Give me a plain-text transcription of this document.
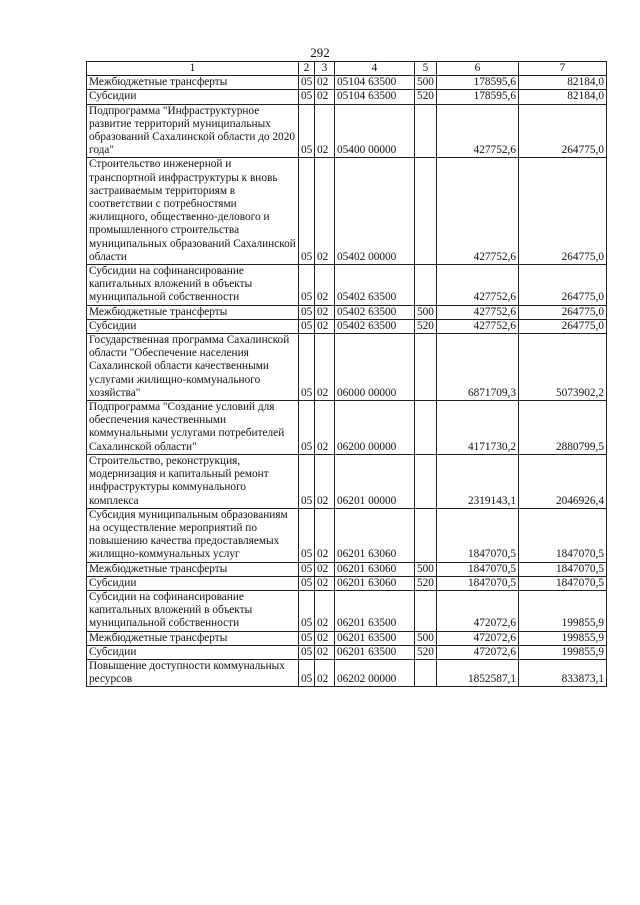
292
1	2	3	4	5	6	7
Межбюджетные трансферты	05	02	05104 63500	500	178595,6	82184,0
Субсидии	05	02	05104 63500	520	178595,6	82184,0
Подпрограмма "Инфраструктурное развитие территорий муниципальных образований Сахалинской области до 2020 года"	05	02	05400 00000		427752,6	264775,0
Строительство инженерной и транспортной инфраструктуры к вновь застраиваемым территориям в соответствии с потребностями жилищного, общественно-делового и промышленного строительства муниципальных образований Сахалинской области	05	02	05402 00000		427752,6	264775,0
Субсидии на софинансирование капитальных вложений в объекты муниципальной собственности	05	02	05402 63500		427752,6	264775,0
Межбюджетные трансферты	05	02	05402 63500	500	427752,6	264775,0
Субсидии	05	02	05402 63500	520	427752,6	264775,0
Государственная программа Сахалинской области "Обеспечение населения Сахалинской области качественными услугами жилищно-коммунального хозяйства"	05	02	06000 00000		6871709,3	5073902,2
Подпрограмма "Создание условий для обеспечения качественными коммунальными услугами потребителей Сахалинской области"	05	02	06200 00000		4171730,2	2880799,5
Строительство, реконструкция, модернизация и капитальный ремонт инфраструктуры коммунального комплекса	05	02	06201 00000		2319143,1	2046926,4
Субсидия муниципальным образованиям на осуществление мероприятий по повышению качества предоставляемых жилищно-коммунальных услуг	05	02	06201 63060		1847070,5	1847070,5
Межбюджетные трансферты	05	02	06201 63060	500	1847070,5	1847070,5
Субсидии	05	02	06201 63060	520	1847070,5	1847070,5
Субсидии на софинансирование капитальных вложений в объекты муниципальной собственности	05	02	06201 63500		472072,6	199855,9
Межбюджетные трансферты	05	02	06201 63500	500	472072,6	199855,9
Субсидии	05	02	06201 63500	520	472072,6	199855,9
Повышение доступности коммунальных ресурсов	05	02	06202 00000		1852587,1	833873,1
